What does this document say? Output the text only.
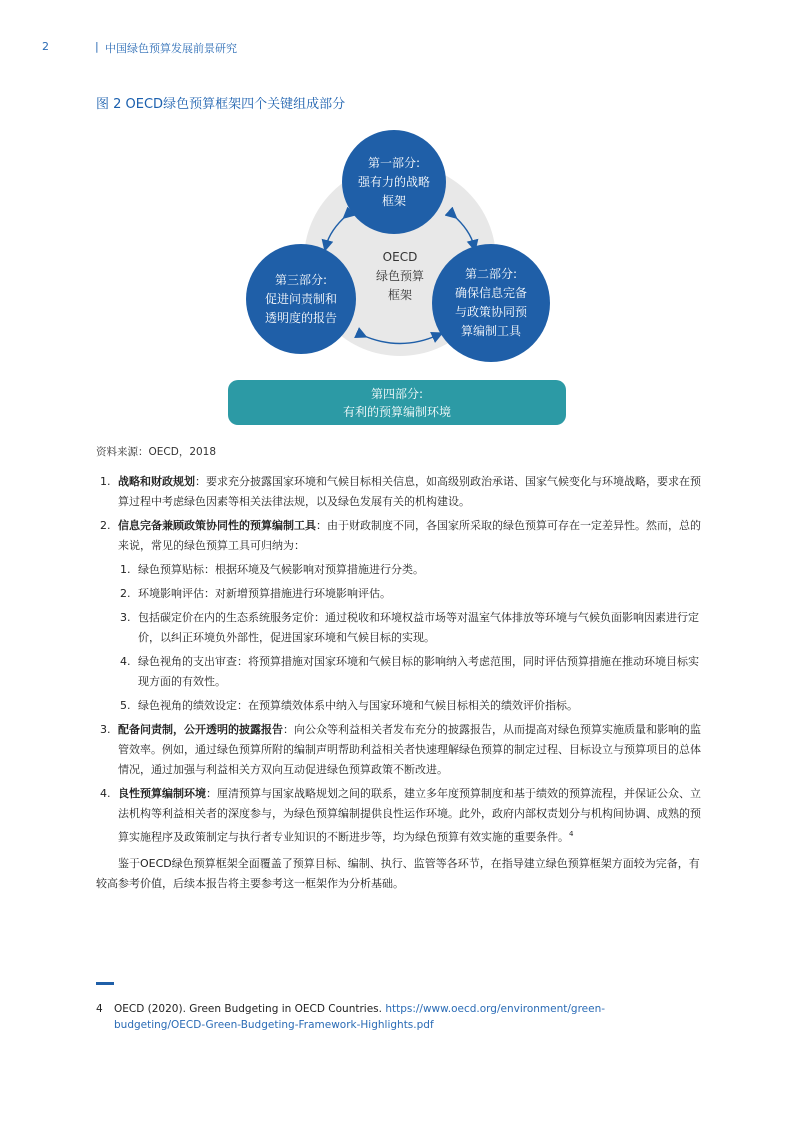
2	| 中国绿色预算发展前景研究
图 2 OECD绿色预算框架四个关键组成部分
第一部分:
强有力的战略
框架
第三部分:
促进问责制和
透明度的报告
第二部分:
确保信息完备
与政策协同预
算编制工具
OECD
绿色预算
框架
第四部分:
有利的预算编制环境
资料来源：OECD，2018
1. 战略和财政规划：要求充分披露国家环境和气候目标相关信息，如高级别政治承诺、国家气候变化与环境战略，要求在预算过程中考虑绿色因素等相关法律法规，以及绿色发展有关的机构建设。
2. 信息完备兼顾政策协同性的预算编制工具：由于财政制度不同，各国家所采取的绿色预算可存在一定差异性。然而，总的来说，常见的绿色预算工具可归纳为：
1. 绿色预算贴标：根据环境及气候影响对预算措施进行分类。
2. 环境影响评估：对新增预算措施进行环境影响评估。
3. 包括碳定价在内的生态系统服务定价：通过税收和环境权益市场等对温室气体排放等环境与气候负面影响因素进行定价，以纠正环境负外部性，促进国家环境和气候目标的实现。
4. 绿色视角的支出审查：将预算措施对国家环境和气候目标的影响纳入考虑范围，同时评估预算措施在推动环境目标实现方面的有效性。
5. 绿色视角的绩效设定：在预算绩效体系中纳入与国家环境和气候目标相关的绩效评价指标。
3. 配备问责制，公开透明的披露报告：向公众等利益相关者发布充分的披露报告，从而提高对绿色预算实施质量和影响的监管效率。例如，通过绿色预算所附的编制声明帮助利益相关者快速理解绿色预算的制定过程、目标设立与预算项目的总体情况，通过加强与利益相关方双向互动促进绿色预算政策不断改进。
4. 良性预算编制环境：厘清预算与国家战略规划之间的联系，建立多年度预算制度和基于绩效的预算流程，并保证公众、立法机构等利益相关者的深度参与，为绿色预算编制提供良性运作环境。此外，政府内部权责划分与机构间协调、成熟的预算实施程序及政策制定与执行者专业知识的不断进步等，均为绿色预算有效实施的重要条件。$^4$
鉴于OECD绿色预算框架全面覆盖了预算目标、编制、执行、监管等各环节，在指导建立绿色预算框架方面较为完备，有较高参考价值，后续本报告将主要参考这一框架作为分析基础。
4	OECD (2020). Green Budgeting in OECD Countries. https://www.oecd.org/environment/green-budgeting/OECD-Green-Budgeting-Framework-Highlights.pdf
